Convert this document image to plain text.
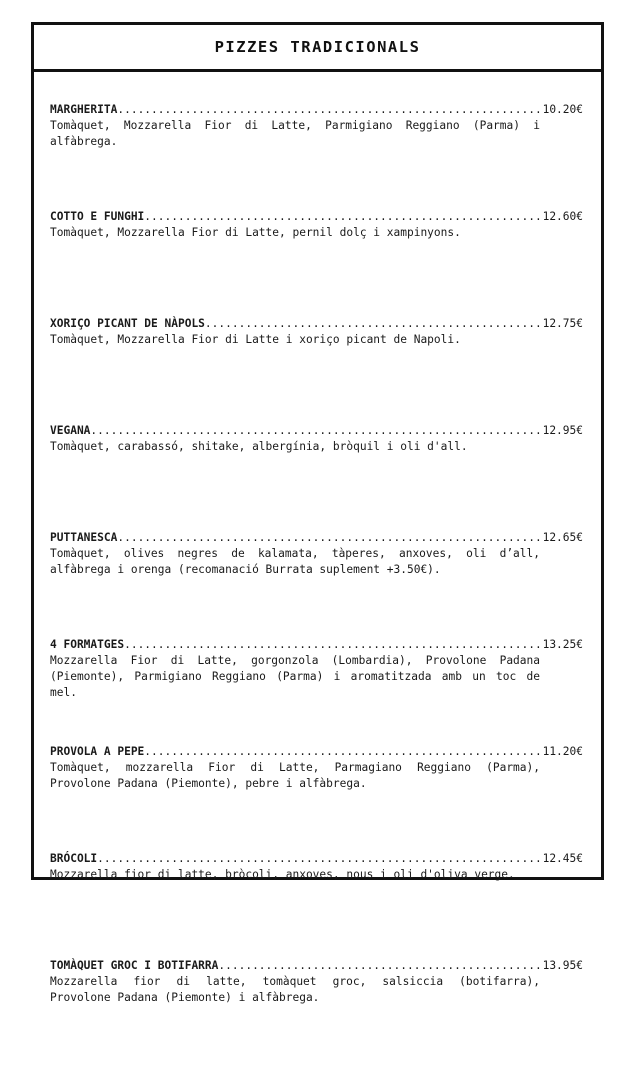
PIZZES TRADICIONALS
MARGHERITA .....	10.20€

Tomàquet, Mozzarella Fior di Latte, Parmigiano Reggiano (Parma) i alfàbrega.

COTTO E FUNGHI .....	12.60€

Tomàquet, Mozzarella Fior di Latte, pernil dolç i xampinyons.

XORIÇO PICANT DE NÀPOLS .....	12.75€

Tomàquet, Mozzarella Fior di Latte i xoriço picant de Napoli.

VEGANA .....	12.95€

Tomàquet, carabassó, shitake, albergínia, bròquil i oli d'all.

PUTTANESCA .....	12.65€

Tomàquet, olives negres de kalamata, tàperes, anxoves, oli d’all, alfàbrega i orenga (recomanació Burrata suplement +3.50€).

4 FORMATGES .....	13.25€

Mozzarella Fior di Latte, gorgonzola (Lombardia), Provolone Padana (Piemonte), Parmigiano Reggiano (Parma) i aromatitzada amb un toc de mel.

PROVOLA A PEPE .....	11.20€

Tomàquet, mozzarella Fior di Latte, Parmagiano Reggiano (Parma), Provolone Padana (Piemonte), pebre i alfàbrega.

BRÓCOLI .....	12.45€

Mozzarella fior di latte, bròcoli, anxoves, nous i oli d'oliva verge.

TOMÀQUET GROC I BOTIFARRA .....	13.95€

Mozzarella fior di latte, tomàquet groc, salsiccia (botifarra), Provolone Padana (Piemonte) i alfàbrega.
